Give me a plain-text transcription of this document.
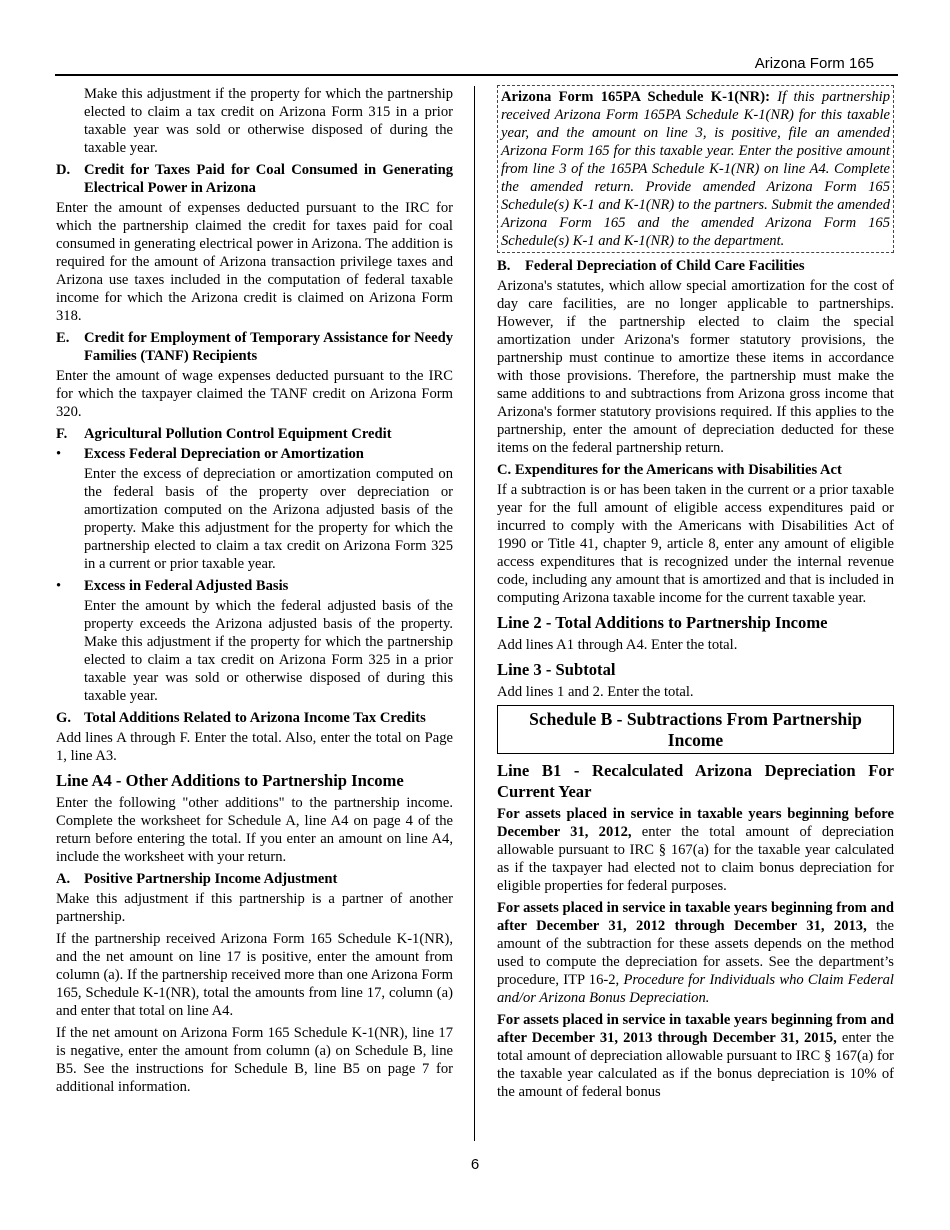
Arizona Form 165

Make this adjustment if the property for which the partnership elected to claim a tax credit on Arizona Form 315 in a prior taxable year was sold or otherwise disposed of during the taxable year.

D. Credit for Taxes Paid for Coal Consumed in Generating Electrical Power in Arizona

Enter the amount of expenses deducted pursuant to the IRC for which the partnership claimed the credit for taxes paid for coal consumed in generating electrical power in Arizona. The addition is required for the amount of Arizona transaction privilege taxes and Arizona use taxes included in the computation of federal taxable income for which the Arizona credit is claimed on Arizona Form 318.

E.	Credit for Employment of Temporary Assistance for Needy Families (TANF) Recipients

Enter the amount of wage expenses deducted pursuant to the IRC for which the taxpayer claimed the TANF credit on Arizona Form 320.

F.	Agricultural Pollution Control Equipment Credit
•	Excess Federal Depreciation or Amortization

Enter the excess of depreciation or amortization computed on the federal basis of the property over depreciation or amortization computed on the Arizona adjusted basis of the property. Make this adjustment for the property for which the partnership elected to claim a tax credit on Arizona Form 325 in a current or prior taxable year.

•	Excess in Federal Adjusted Basis

Enter the amount by which the federal adjusted basis of the property exceeds the Arizona adjusted basis of the property. Make this adjustment if the property for which the partnership elected to claim a tax credit on Arizona Form 325 in a prior taxable year was sold or otherwise disposed of during this taxable year.

G. Total Additions Related to Arizona Income Tax Credits

Add lines A through F. Enter the total. Also, enter the total on Page 1, line A3.

Line A4 - Other Additions to Partnership Income

Enter the following "other additions" to the partnership income. Complete the worksheet for Schedule A, line A4 on page 4 of the return before entering the total. If you enter an amount on line A4, include the worksheet with your return.

A. Positive Partnership Income Adjustment

Make this adjustment if this partnership is a partner of another partnership.

If the partnership received Arizona Form 165 Schedule K-1(NR), and the net amount on line 17 is positive, enter the amount from column (a). If the partnership received more than one Arizona Form 165, Schedule K-1(NR), total the amounts from line 17, column (a) and enter that total on line A4.

If the net amount on Arizona Form 165 Schedule K-1(NR), line 17 is negative, enter the amount from column (a) on Schedule B, line B5. See the instructions for Schedule B, line B5 on page 7 for additional information.

Arizona Form 165PA Schedule K-1(NR): If this partnership received Arizona Form 165PA Schedule K-1(NR) for this taxable year, and the amount on line 3, is positive, file an amended Arizona Form 165 for this taxable year. Enter the positive amount from line 3 of the 165PA Schedule K-1(NR) on line A4. Complete the amended return. Provide amended Arizona Form 165 Schedule(s) K-1 and K-1(NR) to the partners. Submit the amended Arizona Form 165 and the amended Arizona Form 165 Schedule(s) K-1 and K-1(NR) to the department.
B.	Federal Depreciation of Child Care Facilities

Arizona's statutes, which allow special amortization for the cost of day care facilities, are no longer applicable to partnerships. However, if the partnership elected to claim the special amortization under Arizona's former statutory provisions, the partnership must continue to amortize these items in accordance with those provisions. Therefore, the partnership must make the same additions to and subtractions from Arizona gross income that Arizona's former statutory provisions required. If this applies to the partnership, enter the amount of depreciation deducted for these items on the federal partnership return.

C. Expenditures for the Americans with Disabilities Act

If a subtraction is or has been taken in the current or a prior taxable year for the full amount of eligible access expenditures paid or incurred to comply with the Americans with Disabilities Act of 1990 or Title 41, chapter 9, article 8, enter any amount of eligible access expenditures that is recognized under the internal revenue code, including any amount that is amortized and that is included in computing Arizona taxable income for the current taxable year.

Line 2 - Total Additions to Partnership Income

Add lines A1 through A4. Enter the total.

Line 3 - Subtotal

Add lines 1 and 2. Enter the total.

Schedule B - Subtractions From Partnership Income
Line B1 - Recalculated Arizona Depreciation For Current Year

For assets placed in service in taxable years beginning before December 31, 2012, enter the total amount of depreciation allowable pursuant to IRC § 167(a) for the taxable year calculated as if the taxpayer had elected not to claim bonus depreciation for eligible properties for federal purposes.

For assets placed in service in taxable years beginning from and after December 31, 2012 through December 31, 2013, the amount of the subtraction for these assets depends on the method used to compute the depreciation for assets. See the department’s procedure, ITP 16-2, Procedure for Individuals who Claim Federal and/or Arizona Bonus Depreciation.

For assets placed in service in taxable years beginning from and after December 31, 2013 through December 31, 2015, enter the total amount of depreciation allowable pursuant to IRC § 167(a) for the taxable year calculated as if the bonus depreciation is 10% of the amount of federal bonus

6
